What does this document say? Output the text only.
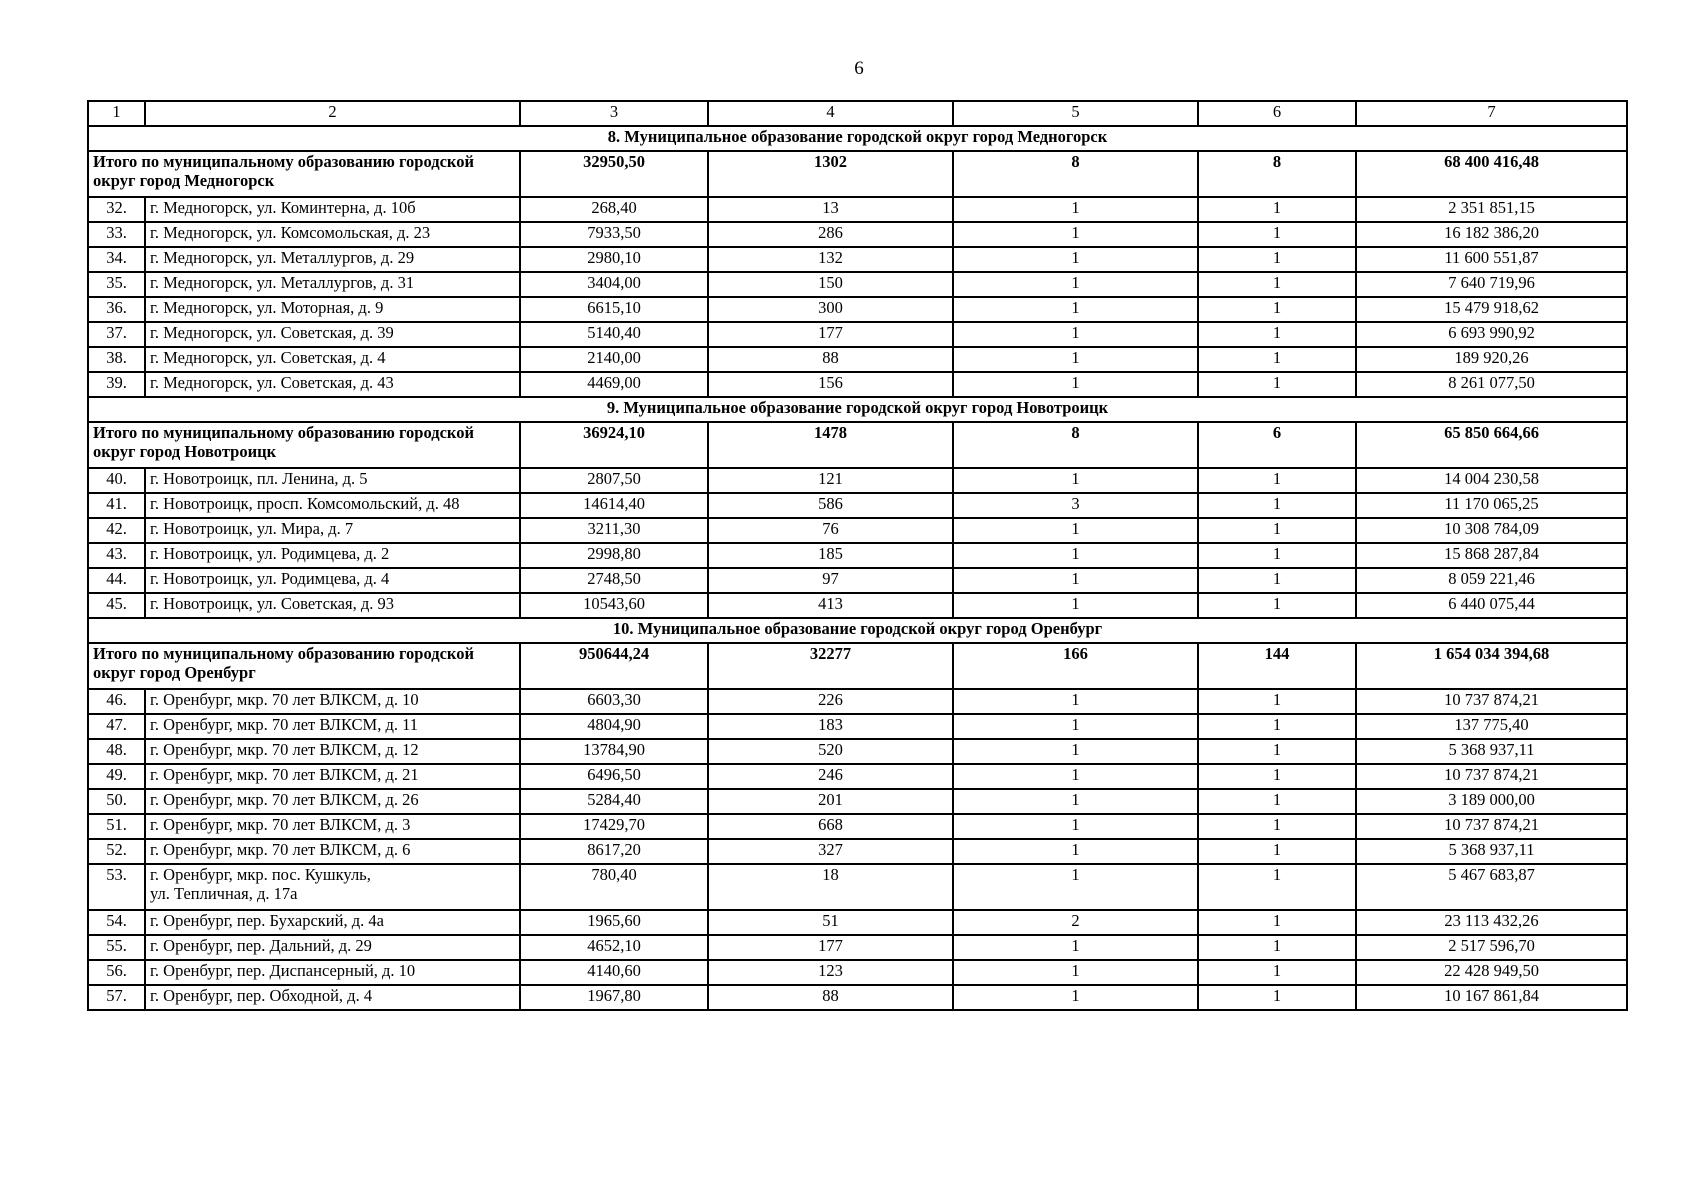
6
1	2	3	4	5	6	7
8. Муниципальное образование городской округ город Медногорск						
Итого по муниципальному образованию городской округ город Медногорск		32950,50	1302	8	8	68 400 416,48
32.	г. Медногорск, ул. Коминтерна, д. 10б	268,40	13	1	1	2 351 851,15
33.	г. Медногорск, ул. Комсомольская, д. 23	7933,50	286	1	1	16 182 386,20
34.	г. Медногорск, ул. Металлургов, д. 29	2980,10	132	1	1	11 600 551,87
35.	г. Медногорск, ул. Металлургов, д. 31	3404,00	150	1	1	7 640 719,96
36.	г. Медногорск, ул. Моторная, д. 9	6615,10	300	1	1	15 479 918,62
37.	г. Медногорск, ул. Советская, д. 39	5140,40	177	1	1	6 693 990,92
38.	г. Медногорск, ул. Советская, д. 4	2140,00	88	1	1	189 920,26
39.	г. Медногорск, ул. Советская, д. 43	4469,00	156	1	1	8 261 077,50
9. Муниципальное образование городской округ город Новотроицк						
Итого по муниципальному образованию городской округ город Новотроицк		36924,10	1478	8	6	65 850 664,66
40.	г. Новотроицк, пл. Ленина, д. 5	2807,50	121	1	1	14 004 230,58
41.	г. Новотроицк, просп. Комсомольский, д. 48	14614,40	586	3	1	11 170 065,25
42.	г. Новотроицк, ул. Мира, д. 7	3211,30	76	1	1	10 308 784,09
43.	г. Новотроицк, ул. Родимцева, д. 2	2998,80	185	1	1	15 868 287,84
44.	г. Новотроицк, ул. Родимцева, д. 4	2748,50	97	1	1	8 059 221,46
45.	г. Новотроицк, ул. Советская, д. 93	10543,60	413	1	1	6 440 075,44
10. Муниципальное образование городской округ город Оренбург						
Итого по муниципальному образованию городской округ город Оренбург		950644,24	32277	166	144	1 654 034 394,68
46.	г. Оренбург, мкр. 70 лет ВЛКСМ, д. 10	6603,30	226	1	1	10 737 874,21
47.	г. Оренбург, мкр. 70 лет ВЛКСМ, д. 11	4804,90	183	1	1	137 775,40
48.	г. Оренбург, мкр. 70 лет ВЛКСМ, д. 12	13784,90	520	1	1	5 368 937,11
49.	г. Оренбург, мкр. 70 лет ВЛКСМ, д. 21	6496,50	246	1	1	10 737 874,21
50.	г. Оренбург, мкр. 70 лет ВЛКСМ, д. 26	5284,40	201	1	1	3 189 000,00
51.	г. Оренбург, мкр. 70 лет ВЛКСМ, д. 3	17429,70	668	1	1	10 737 874,21
52.	г. Оренбург, мкр. 70 лет ВЛКСМ, д. 6	8617,20	327	1	1	5 368 937,11
53.	г. Оренбург, мкр. пос. Кушкуль,
ул. Тепличная, д. 17а	780,40	18	1	1	5 467 683,87
54.	г. Оренбург, пер. Бухарский, д. 4а	1965,60	51	2	1	23 113 432,26
55.	г. Оренбург, пер. Дальний, д. 29	4652,10	177	1	1	2 517 596,70
56.	г. Оренбург, пер. Диспансерный, д. 10	4140,60	123	1	1	22 428 949,50
57.	г. Оренбург, пер. Обходной, д. 4	1967,80	88	1	1	10 167 861,84
